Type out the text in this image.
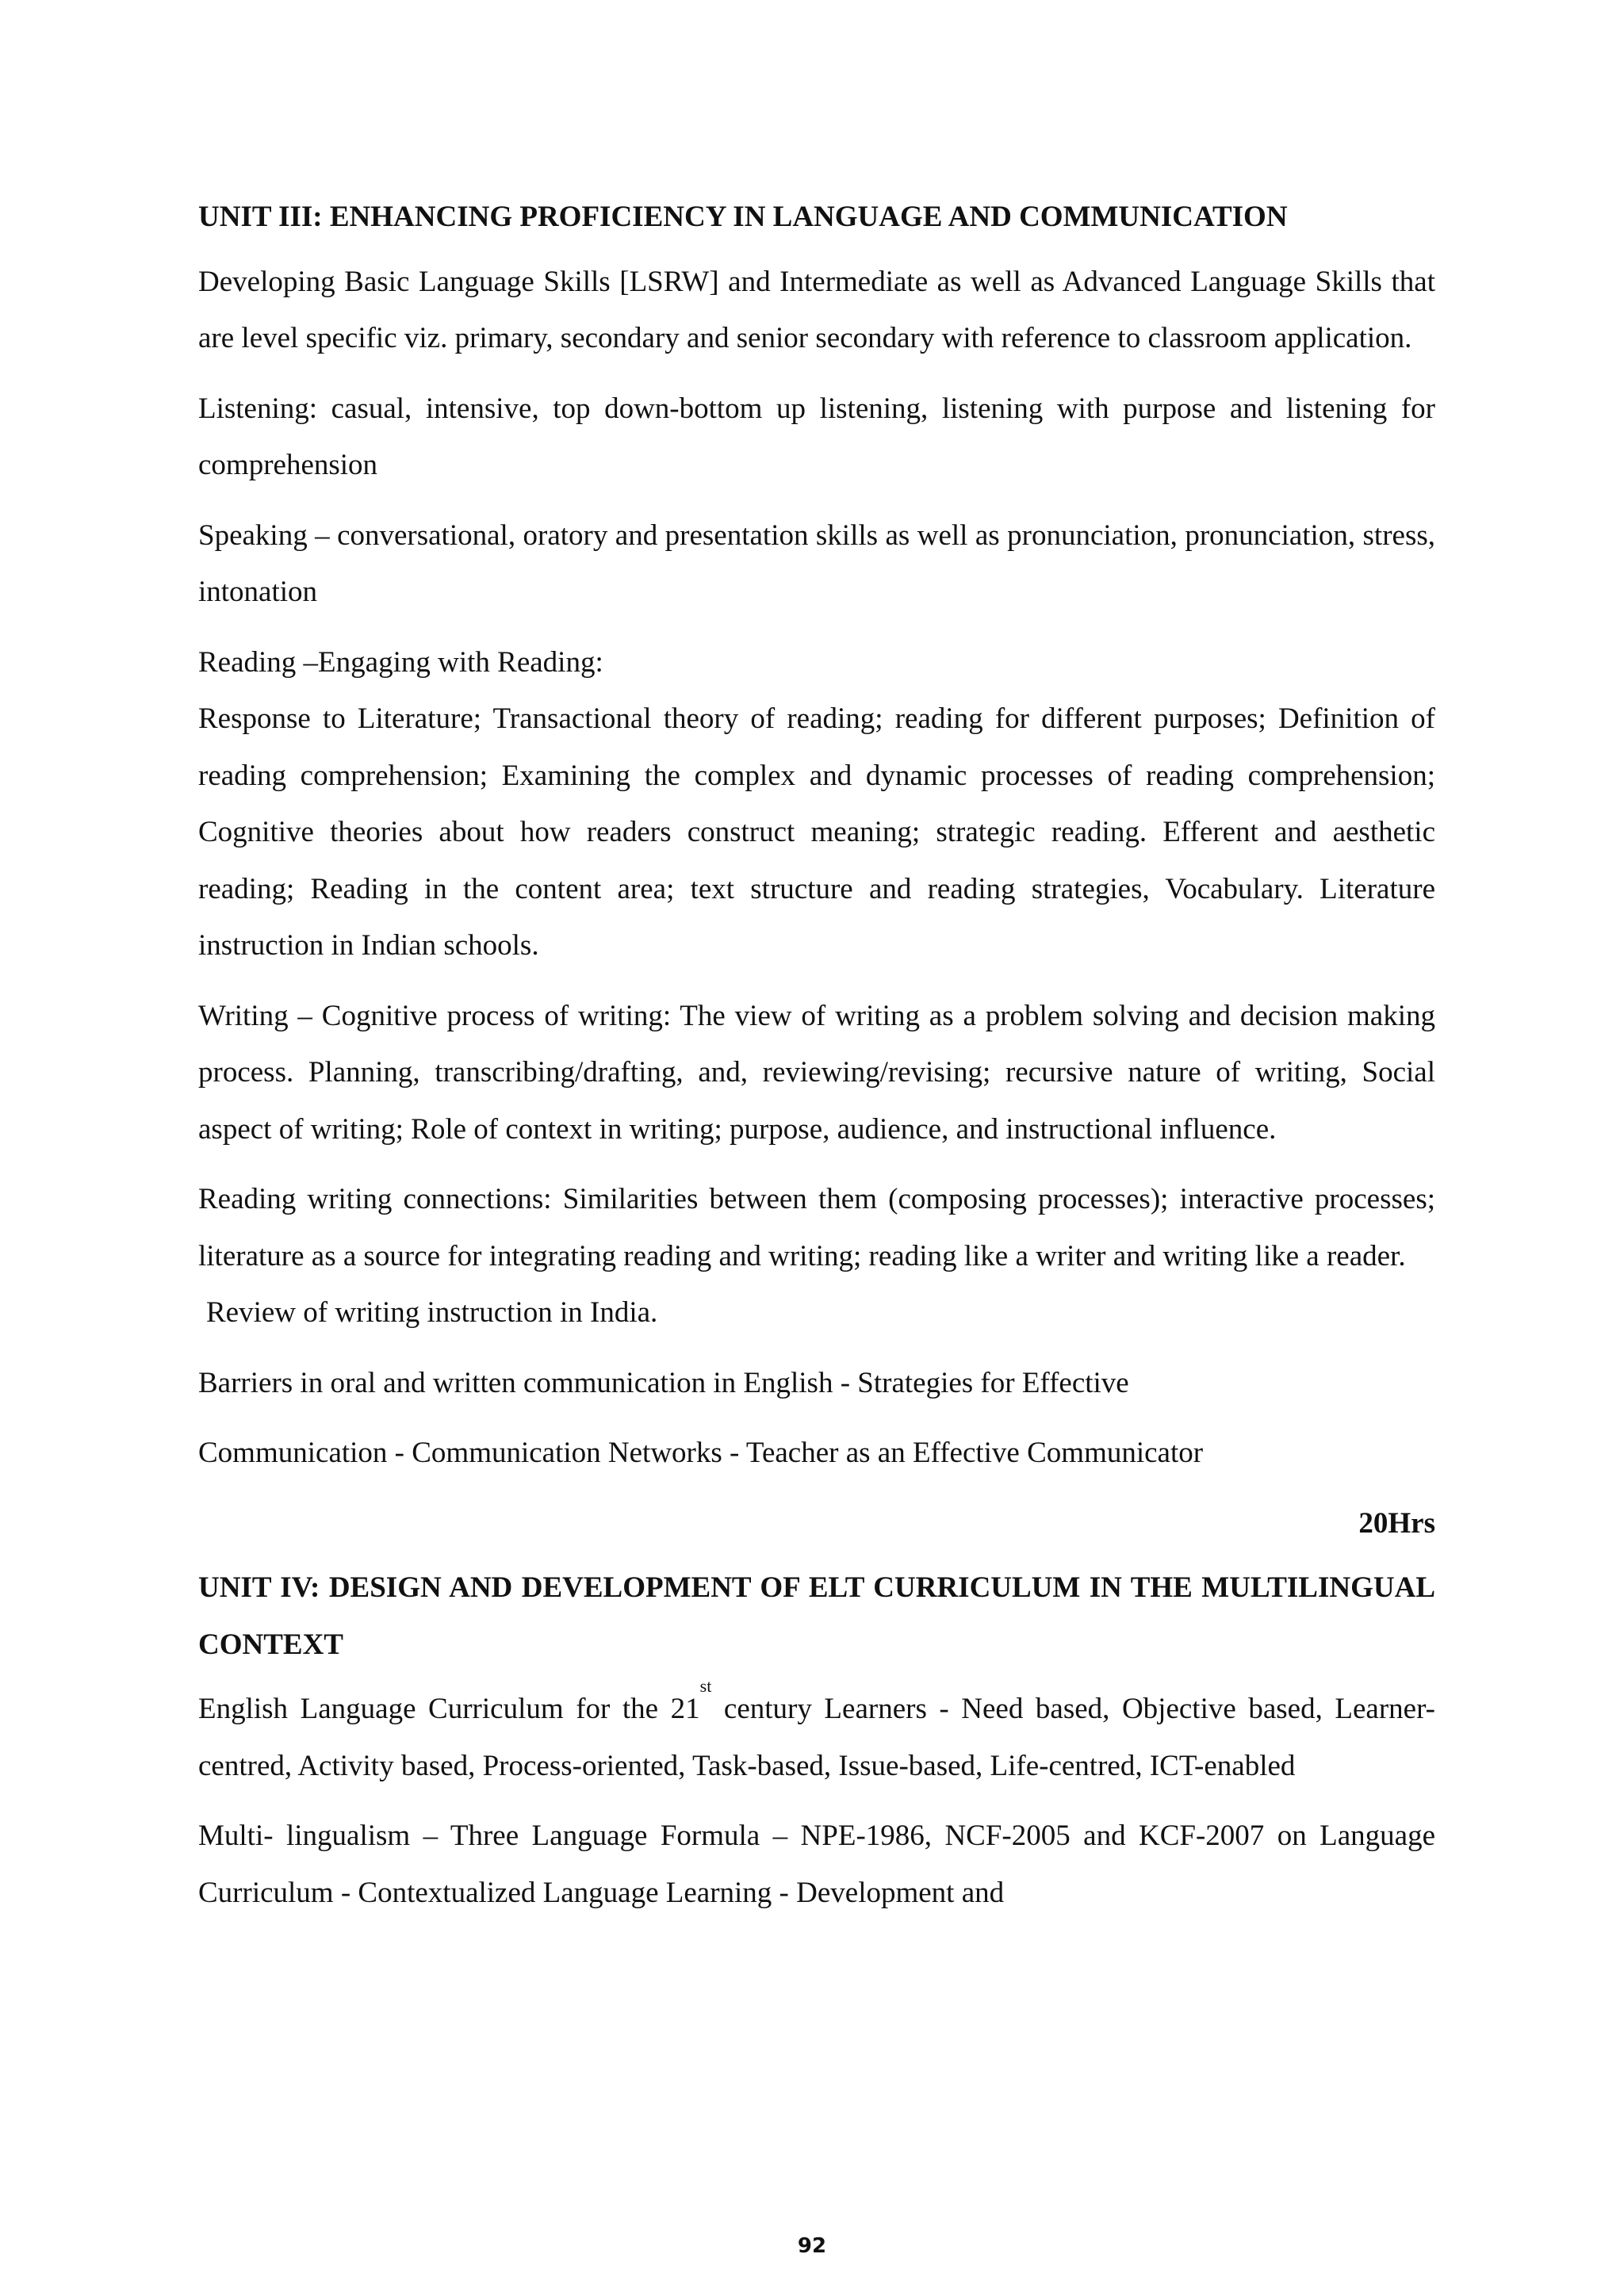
UNIT III: ENHANCING PROFICIENCY IN LANGUAGE AND COMMUNICATION

Developing Basic Language Skills [LSRW] and Intermediate as well as Advanced Language Skills that are level specific viz. primary, secondary and senior secondary with reference to classroom application.

Listening: casual, intensive, top down-bottom up listening, listening with purpose and listening for comprehension

Speaking – conversational, oratory and presentation skills as well as pronunciation, pronunciation, stress, intonation

Reading –Engaging with Reading:

Response to Literature; Transactional theory of reading; reading for different purposes; Definition of reading comprehension; Examining the complex and dynamic processes of reading comprehension; Cognitive theories about how readers construct meaning; strategic reading. Efferent and aesthetic reading; Reading in the content area; text structure and reading strategies, Vocabulary. Literature instruction in Indian schools.

Writing – Cognitive process of writing: The view of writing as a problem solving and decision making process. Planning, transcribing/drafting, and, reviewing/revising; recursive nature of writing, Social aspect of writing; Role of context in writing; purpose, audience, and instructional influence.

Reading writing connections: Similarities between them (composing processes); interactive processes; literature as a source for integrating reading and writing; reading like a writer and writing like a reader.

Review of writing instruction in India.

Barriers in oral and written communication in English - Strategies for Effective

Communication - Communication Networks - Teacher as an Effective Communicator

20Hrs

UNIT IV: DESIGN AND DEVELOPMENT OF ELT CURRICULUM IN THE MULTILINGUAL CONTEXT

English Language Curriculum for the 21st century Learners - Need based, Objective based, Learner-centred, Activity based, Process-oriented, Task-based, Issue-based, Life-centred, ICT-enabled

Multi- lingualism – Three Language Formula – NPE-1986, NCF-2005 and KCF-2007 on Language Curriculum - Contextualized Language Learning - Development and

92
